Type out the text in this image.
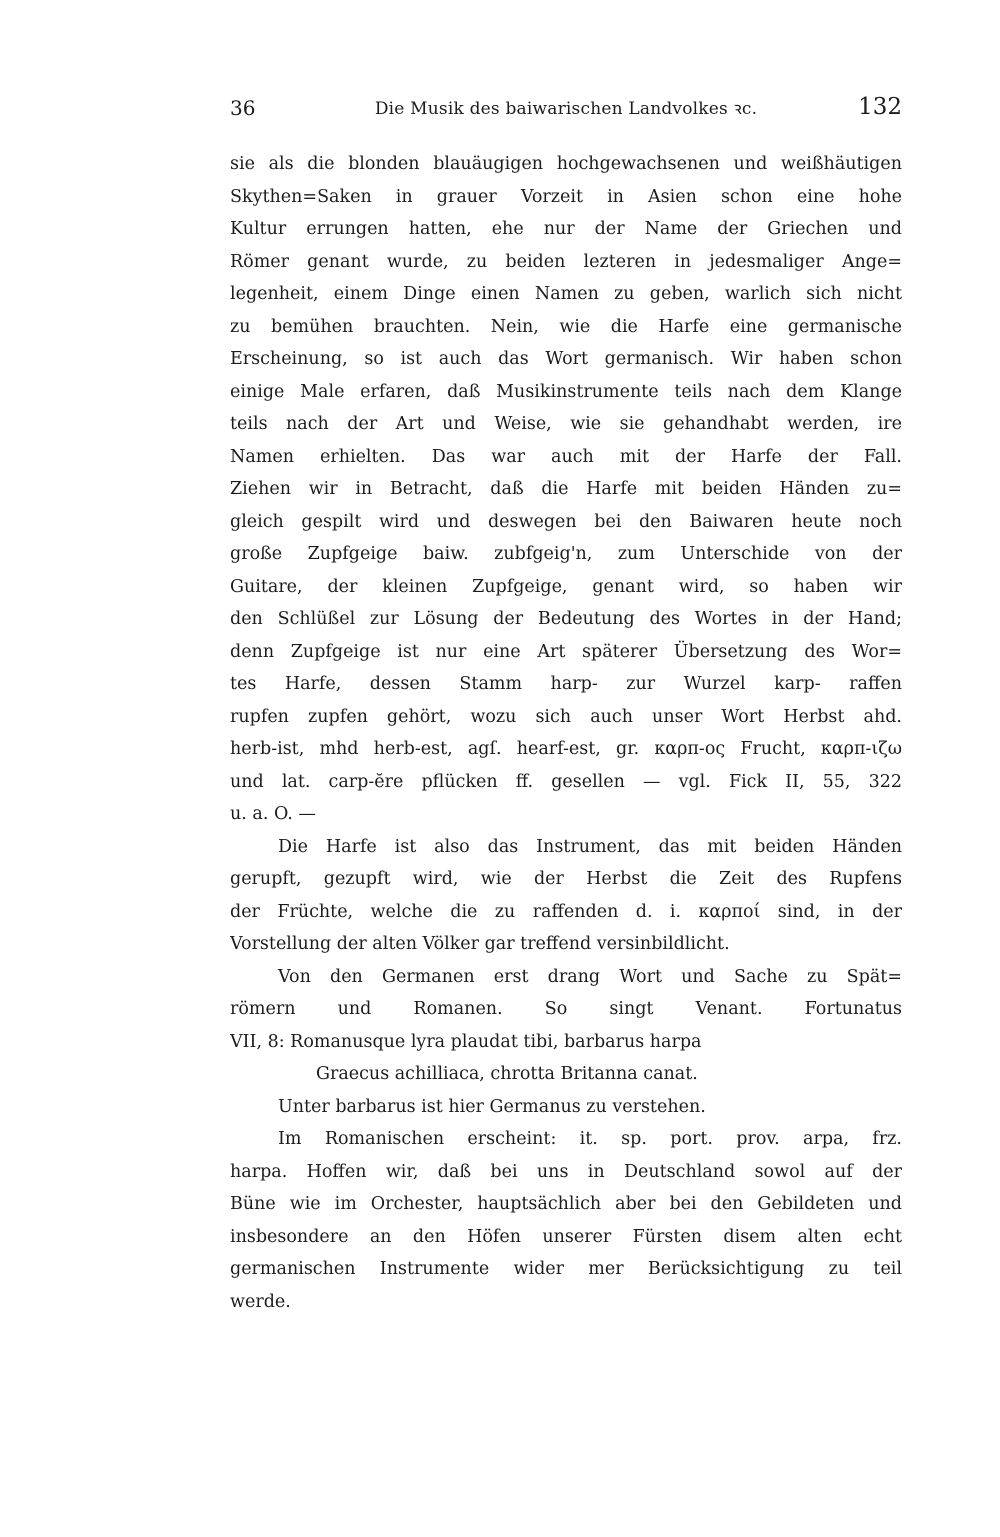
36	Die Musik des baiwarischen Landvolkes ꝛc.	132
sie als die blonden blauäugigen hochgewachsenen und weißhäutigen
Skythen=Saken in grauer Vorzeit in Asien schon eine hohe
Kultur errungen hatten, ehe nur der Name der Griechen und
Römer genant wurde, zu beiden lezteren in jedesmaliger Ange=
legenheit, einem Dinge einen Namen zu geben, warlich sich nicht
zu bemühen brauchten. Nein, wie die Harfe eine germanische
Erscheinung, so ist auch das Wort germanisch. Wir haben schon
einige Male erfaren, daß Musikinstrumente teils nach dem Klange
teils nach der Art und Weise, wie sie gehandhabt werden, ire
Namen erhielten. Das war auch mit der Harfe der Fall.
Ziehen wir in Betracht, daß die Harfe mit beiden Händen zu=
gleich gespilt wird und deswegen bei den Baiwaren heute noch
große Zupfgeige baiw. zubfgeig'n, zum Unterschide von der
Guitare, der kleinen Zupfgeige, genant wird, so haben wir
den Schlüßel zur Lösung der Bedeutung des Wortes in der Hand;
denn Zupfgeige ist nur eine Art späterer Übersetzung des Wor=
tes Harfe, dessen Stamm harp- zur Wurzel karp- raffen
rupfen zupfen gehört, wozu sich auch unser Wort Herbst ahd.
herb-ist, mhd herb-est, agſ. hearf-est, gr. καρπ-ος Frucht, καρπ-ιζω
und lat. carp-ĕre pflücken ff. gesellen — vgl. Fick II, 55, 322
u. a. O. —
Die Harfe ist also das Instrument, das mit beiden Händen
gerupft, gezupft wird, wie der Herbst die Zeit des Rupfens
der Früchte, welche die zu raffenden d. i. καρποί sind, in der
Vorstellung der alten Völker gar treffend versinbildlicht.
Von den Germanen erst drang Wort und Sache zu Spät=
römern und Romanen. So singt Venant. Fortunatus
VII, 8: Romanusque lyra plaudat tibi, barbarus harpa
Graecus achilliaca, chrotta Britanna canat.
Unter barbarus ist hier Germanus zu verstehen.
Im Romanischen erscheint: it. sp. port. prov. arpa, frz.
harpa. Hoffen wir, daß bei uns in Deutschland sowol auf der
Büne wie im Orchester, hauptsächlich aber bei den Gebildeten und
insbesondere an den Höfen unserer Fürsten disem alten echt
germanischen Instrumente wider mer Berücksichtigung zu teil
werde.
